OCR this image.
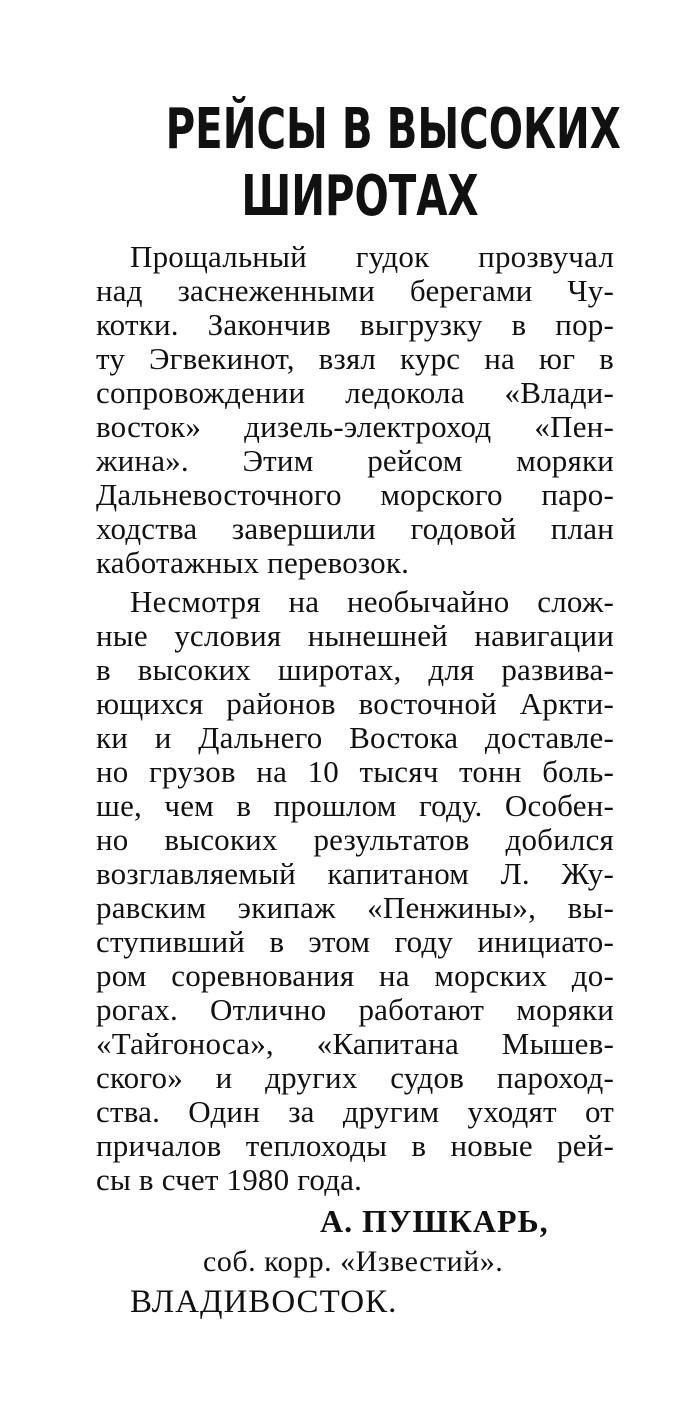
РЕЙСЫ В ВЫСОКИХ
ШИРОТАХ
Прощальный гудок прозвучал
над заснеженными берегами Чу-
котки. Закончив выгрузку в пор-
ту Эгвекинот, взял курс на юг в
сопровождении ледокола «Влади-
восток» дизель-электроход «Пен-
жина». Этим рейсом моряки
Дальневосточного морского паро-
ходства завершили годовой план
каботажных перевозок.
Несмотря на необычайно слож-
ные условия нынешней навигации
в высоких широтах, для развива-
ющихся районов восточной Аркти-
ки и Дальнего Востока доставле-
но грузов на 10 тысяч тонн боль-
ше, чем в прошлом году. Особен-
но высоких результатов добился
возглавляемый капитаном Л. Жу-
равским экипаж «Пенжины», вы-
ступивший в этом году инициато-
ром соревнования на морских до-
рогах. Отлично работают моряки
«Тайгоноса», «Капитана Мышев-
ского» и других судов пароход-
ства. Один за другим уходят от
причалов теплоходы в новые рей-
сы в счет 1980 года.
А. ПУШКАРЬ,
соб. корр. «Известий».
ВЛАДИВОСТОК.
